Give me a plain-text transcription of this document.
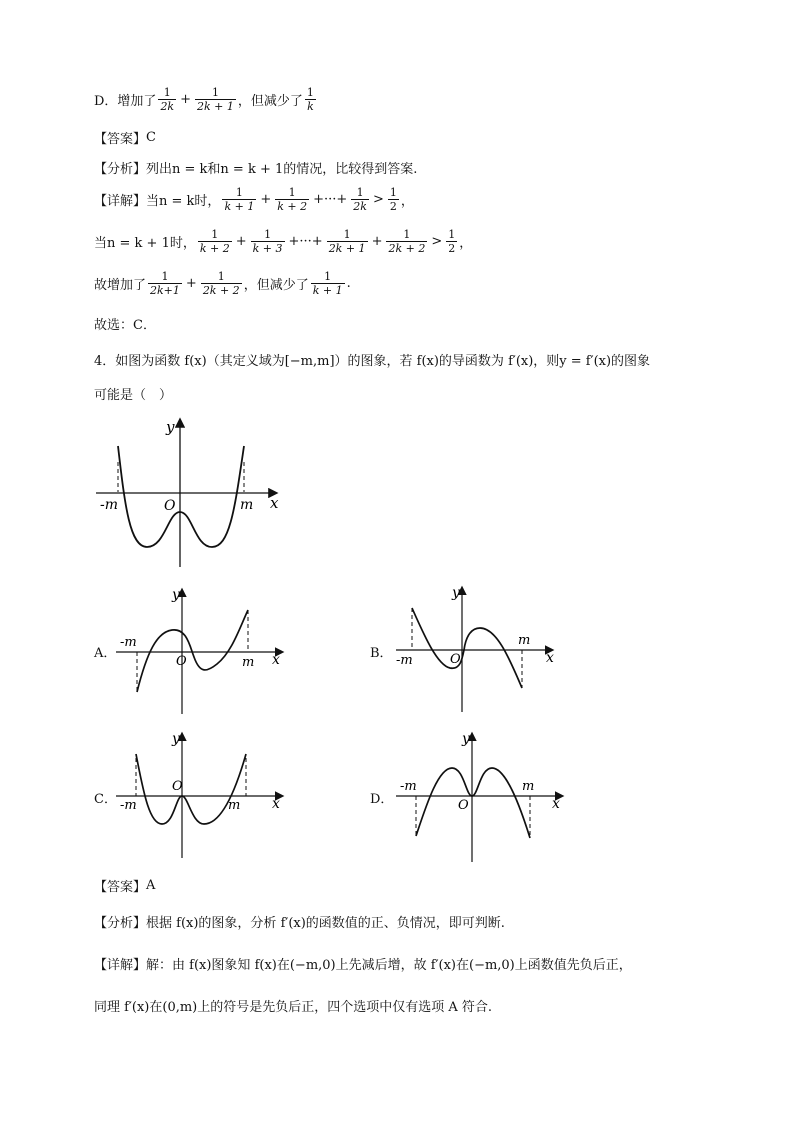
D．增加了 $\frac{1}{2k} + \frac{1}{2k + 1}$ ，但减少了 $\frac{1}{k}$
【答案】 C
【分析】 列出n = k和n = k + 1的情况，比较得到答案.
【详解】 当n = k时， $\frac{1}{k + 1} + \frac{1}{k + 2}$ +···+ $\frac{1}{2k} > \frac{1}{2}$ ，
当n = k + 1时， $\frac{1}{k + 2} + \frac{1}{k + 3}$ +···+ $\frac{1}{2k + 1} + \frac{1}{2k + 2} > \frac{1}{2}$ ，
故增加了 $\frac{1}{2k+1} + \frac{1}{2k + 2}$ ，但减少了 $\frac{1}{k + 1}$ .
故选：C．
4．如图为函数 f(x)（其定义域为[−m,m]）的图象，若 f(x)的导函数为 f′(x)，则y = f′(x)的图象
可能是（　）
y
x
O
-m	m
A．
y
x
O
-m
m
B．
y
x
O
-m
m
C．
y
x
O
-m	m	D．
y
x
O
-m	m
【答案】 A
【分析】 根据 f(x)的图象，分析 f′(x)的函数值的正、负情况，即可判断.
【详解】 解：由 f(x)图象知 f(x)在(−m,0)上先减后增，故 f′(x)在(−m,0)上函数值先负后正，
同理 f′(x)在(0,m)上的符号是先负后正，四个选项中仅有选项 A 符合.
